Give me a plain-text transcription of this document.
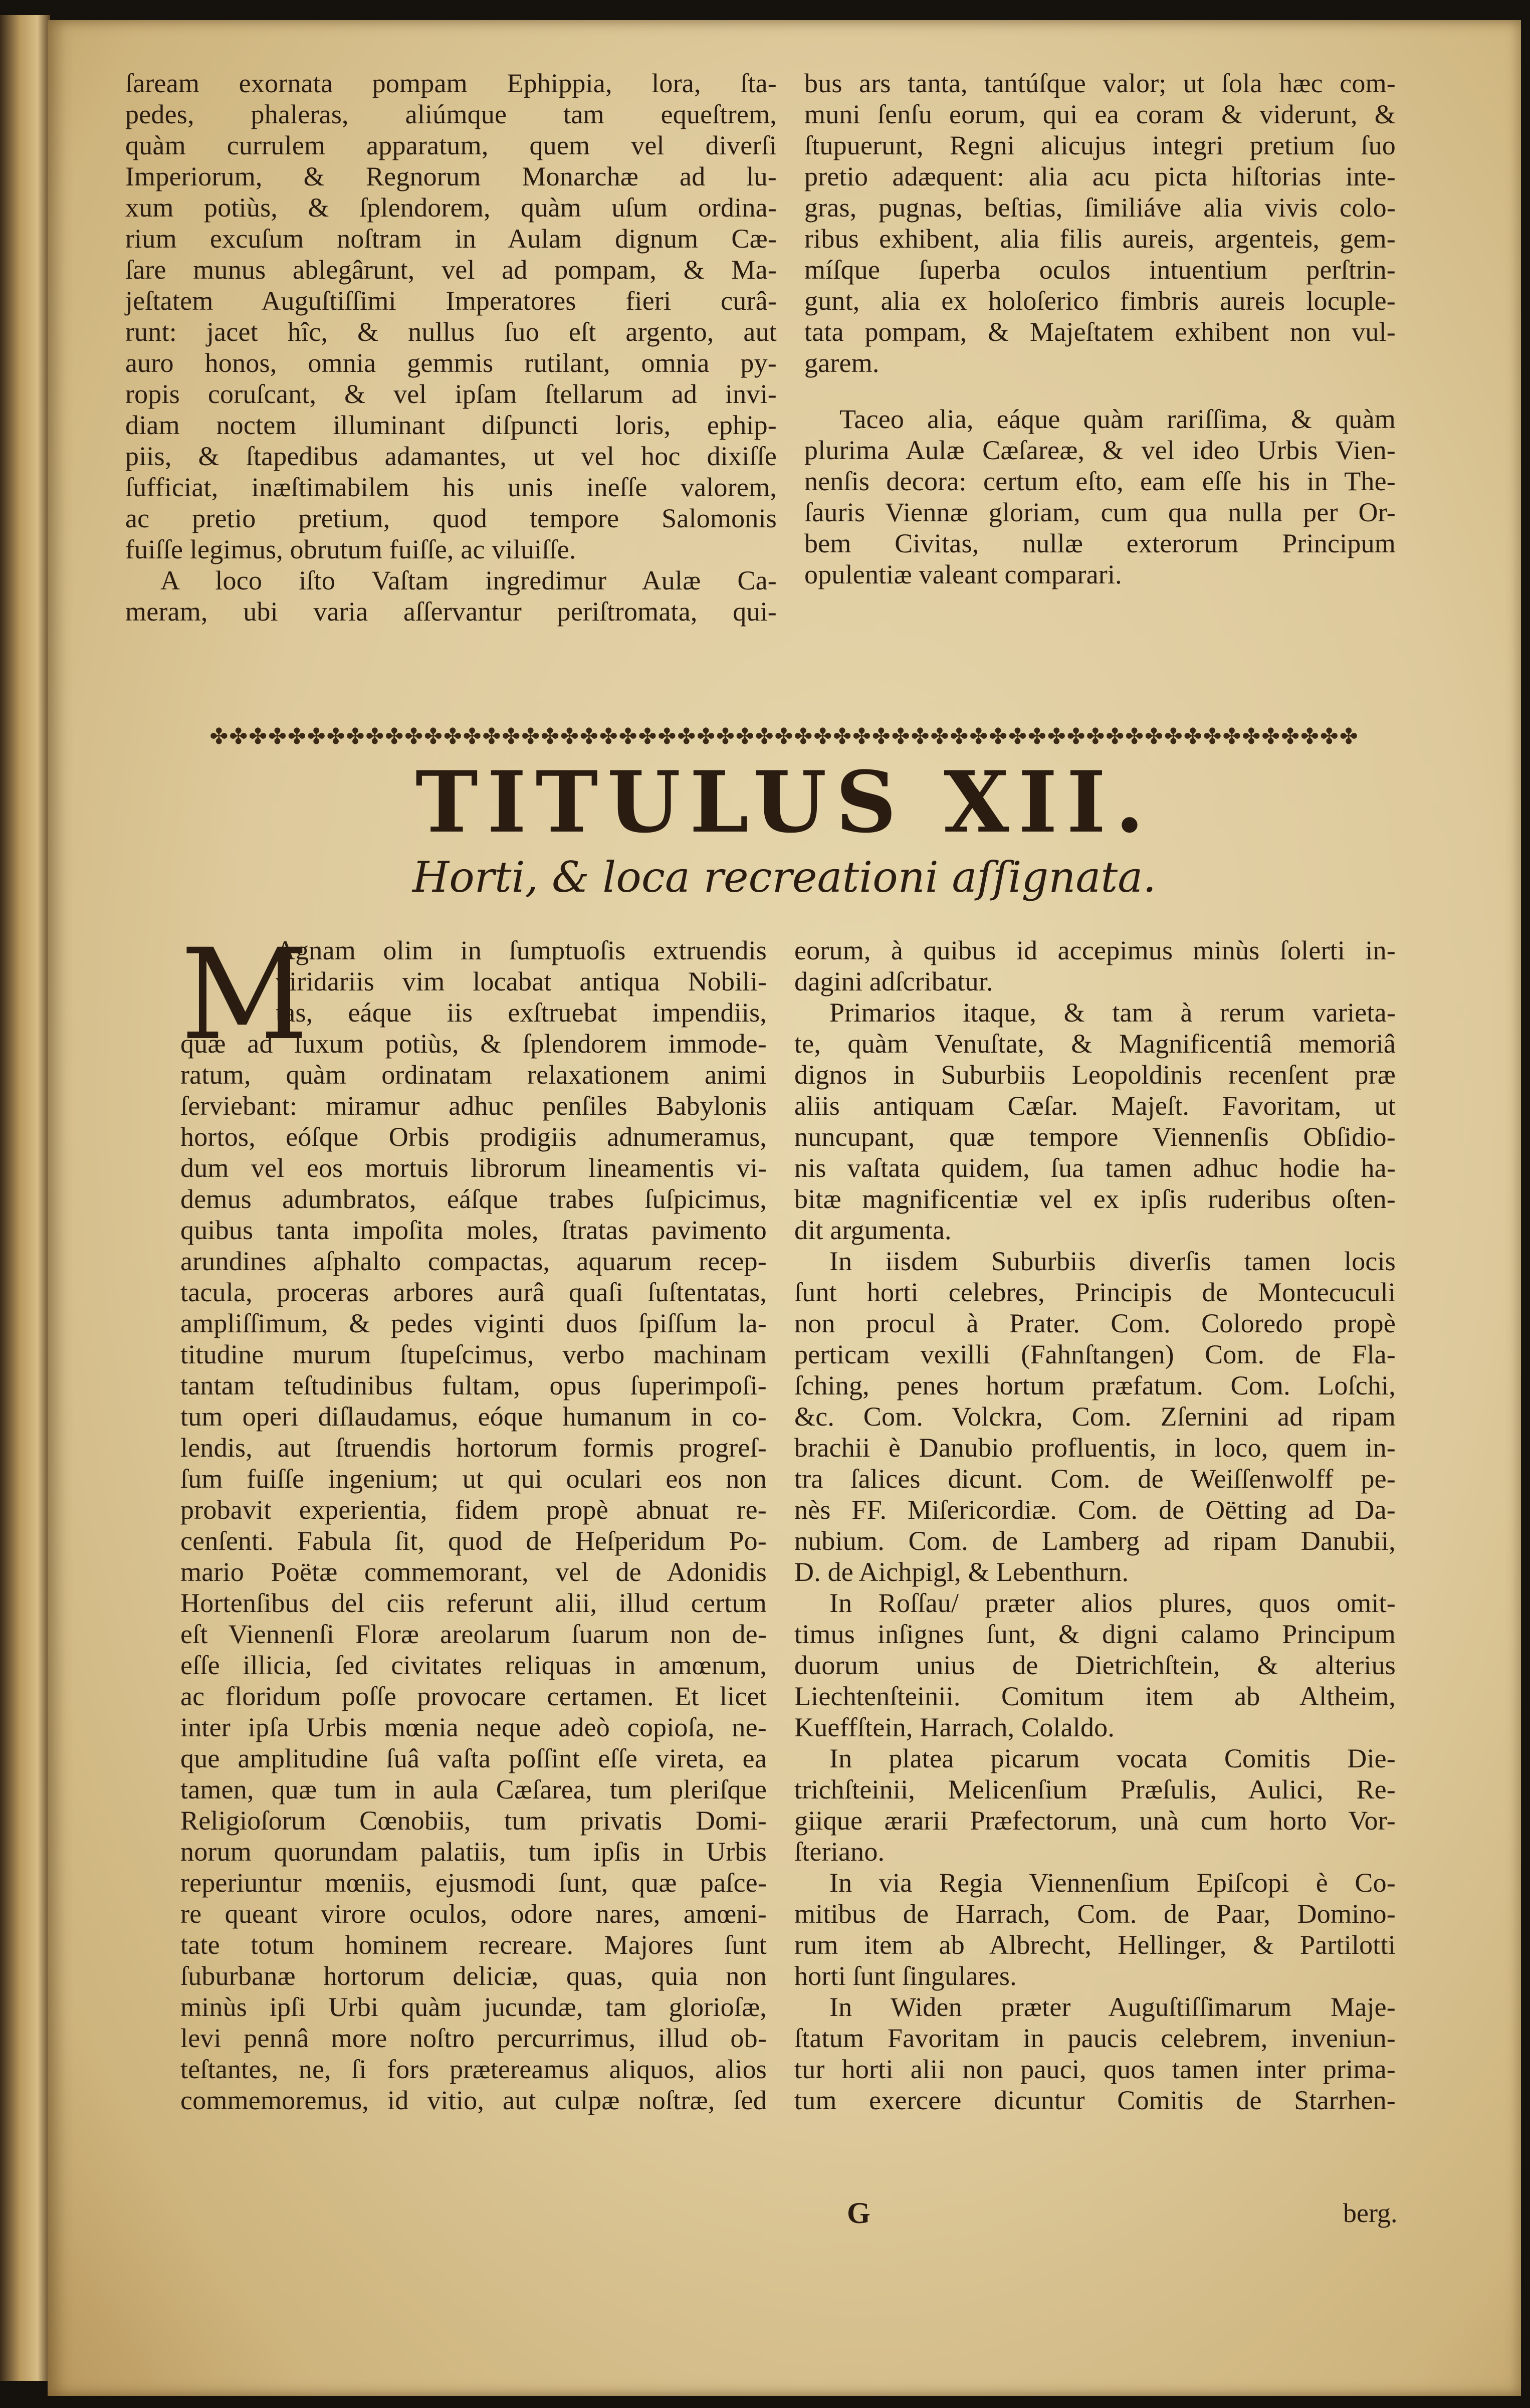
ſaream exornata pompam Ephippia, lora, ſta-
pedes, phaleras, aliúmque tam equeſtrem,
quàm currulem apparatum, quem vel diverſi
Imperiorum, & Regnorum Monarchæ ad lu-
xum potiùs, & ſplendorem, quàm uſum ordina-
rium excuſum noſtram in Aulam dignum Cæ-
ſare munus ablegârunt, vel ad pompam, & Ma-
jeſtatem Auguſtiſſimi Imperatores fieri curâ-
runt: jacet hîc, & nullus ſuo eſt argento, aut
auro honos, omnia gemmis rutilant, omnia py-
ropis coruſcant, & vel ipſam ſtellarum ad invi-
diam noctem illuminant diſpuncti loris, ephip-
piis, & ſtapedibus adamantes, ut vel hoc dixiſſe
ſufficiat, inæſtimabilem his unis ineſſe valorem,
ac pretio pretium, quod tempore Salomonis
fuiſſe legimus, obrutum fuiſſe, ac viluiſſe.
A loco iſto Vaſtam ingredimur Aulæ Ca-
meram, ubi varia aſſervantur periſtromata, qui-
bus ars tanta, tantúſque valor; ut ſola hæc com-
muni ſenſu eorum, qui ea coram & viderunt, &
ſtupuerunt, Regni alicujus integri pretium ſuo
pretio adæquent: alia acu picta hiſtorias inte-
gras, pugnas, beſtias, ſimiliáve alia vivis colo-
ribus exhibent, alia filis aureis, argenteis, gem-
míſque ſuperba oculos intuentium perſtrin-
gunt, alia ex holoſerico fimbris aureis locuple-
tata pompam, & Majeſtatem exhibent non vul-
garem.
Taceo alia, eáque quàm rariſſima, & quàm
plurima Aulæ Cæſareæ, & vel ideo Urbis Vien-
nenſis decora: certum eſto, eam eſſe his in The-
ſauris Viennæ gloriam, cum qua nulla per Or-
bem Civitas, nullæ exterorum Principum
opulentiæ valeant comparari.
✤✤✤✤✤✤✤✤✤✤✤✤✤✤✤✤✤✤✤✤✤✤✤✤✤✤✤✤✤✤✤✤✤✤✤✤✤✤✤✤✤✤✤✤✤✤✤✤✤✤✤✤✤✤✤✤✤✤✤
TITULUS XII.
Horti, & loca recreationi aſſignata.
M
Agnam olim in ſumptuoſis extruendis
viridariis vim locabat antiqua Nobili-
tas, eáque iis exſtruebat impendiis,
quæ ad luxum potiùs, & ſplendorem immode-
ratum, quàm ordinatam relaxationem animi
ſerviebant: miramur adhuc penſiles Babylonis
hortos, eóſque Orbis prodigiis adnumeramus,
dum vel eos mortuis librorum lineamentis vi-
demus adumbratos, eáſque trabes ſuſpicimus,
quibus tanta impoſita moles, ſtratas pavimento
arundines aſphalto compactas, aquarum recep-
tacula, proceras arbores aurâ quaſi ſuſtentatas,
ampliſſimum, & pedes viginti duos ſpiſſum la-
titudine murum ſtupeſcimus, verbo machinam
tantam teſtudinibus fultam, opus ſuperimpoſi-
tum operi diſlaudamus, eóque humanum in co-
lendis, aut ſtruendis hortorum formis progreſ-
ſum fuiſſe ingenium; ut qui oculari eos non
probavit experientia, fidem propè abnuat re-
cenſenti. Fabula ſit, quod de Heſperidum Po-
mario Poëtæ commemorant, vel de Adonidis
Hortenſibus del ciis referunt alii, illud certum
eſt Viennenſi Floræ areolarum ſuarum non de-
eſſe illicia, ſed civitates reliquas in amœnum,
ac floridum poſſe provocare certamen. Et licet
inter ipſa Urbis mœnia neque adeò copioſa, ne-
que amplitudine ſuâ vaſta poſſint eſſe vireta, ea
tamen, quæ tum in aula Cæſarea, tum pleriſque
Religioſorum Cœnobiis, tum privatis Domi-
norum quorundam palatiis, tum ipſis in Urbis
reperiuntur mœniis, ejusmodi ſunt, quæ paſce-
re queant virore oculos, odore nares, amœni-
tate totum hominem recreare. Majores ſunt
ſuburbanæ hortorum deliciæ, quas, quia non
minùs ipſi Urbi quàm jucundæ, tam glorioſæ,
levi pennâ more noſtro percurrimus, illud ob-
teſtantes, ne, ſi fors prætereamus aliquos, alios
commemoremus, id vitio, aut culpæ noſtræ, ſed
eorum, à quibus id accepimus minùs ſolerti in-
dagini adſcribatur.
Primarios itaque, & tam à rerum varieta-
te, quàm Venuſtate, & Magnificentiâ memoriâ
dignos in Suburbiis Leopoldinis recenſent præ
aliis antiquam Cæſar. Majeſt. Favoritam, ut
nuncupant, quæ tempore Viennenſis Obſidio-
nis vaſtata quidem, ſua tamen adhuc hodie ha-
bitæ magnificentiæ vel ex ipſis ruderibus oſten-
dit argumenta.
In iisdem Suburbiis diverſis tamen locis
ſunt horti celebres, Principis de Montecuculi
non procul à Prater. Com. Coloredo propè
perticam vexilli (Fahnſtangen) Com. de Fla-
ſching, penes hortum præfatum. Com. Loſchi,
&c. Com. Volckra, Com. Zſernini ad ripam
brachii è Danubio profluentis, in loco, quem in-
tra ſalices dicunt. Com. de Weiſſenwolff pe-
nès FF. Miſericordiæ. Com. de Oëtting ad Da-
nubium. Com. de Lamberg ad ripam Danubii,
D. de Aichpigl, & Lebenthurn.
In Roſſau/ præter alios plures, quos omit-
timus inſignes ſunt, & digni calamo Principum
duorum unius de Dietrichſtein, & alterius
Liechtenſteinii. Comitum item ab Altheim,
Kueffſtein, Harrach, Colaldo.
In platea picarum vocata Comitis Die-
trichſteinii, Melicenſium Præſulis, Aulici, Re-
giique ærarii Præfectorum, unà cum horto Vor-
ſteriano.
In via Regia Viennenſium Epiſcopi è Co-
mitibus de Harrach, Com. de Paar, Domino-
rum item ab Albrecht, Hellinger, & Partilotti
horti ſunt ſingulares.
In Widen præter Auguſtiſſimarum Maje-
ſtatum Favoritam in paucis celebrem, inveniun-
tur horti alii non pauci, quos tamen inter prima-
tum exercere dicuntur Comitis de Starrhen-
G	berg.
